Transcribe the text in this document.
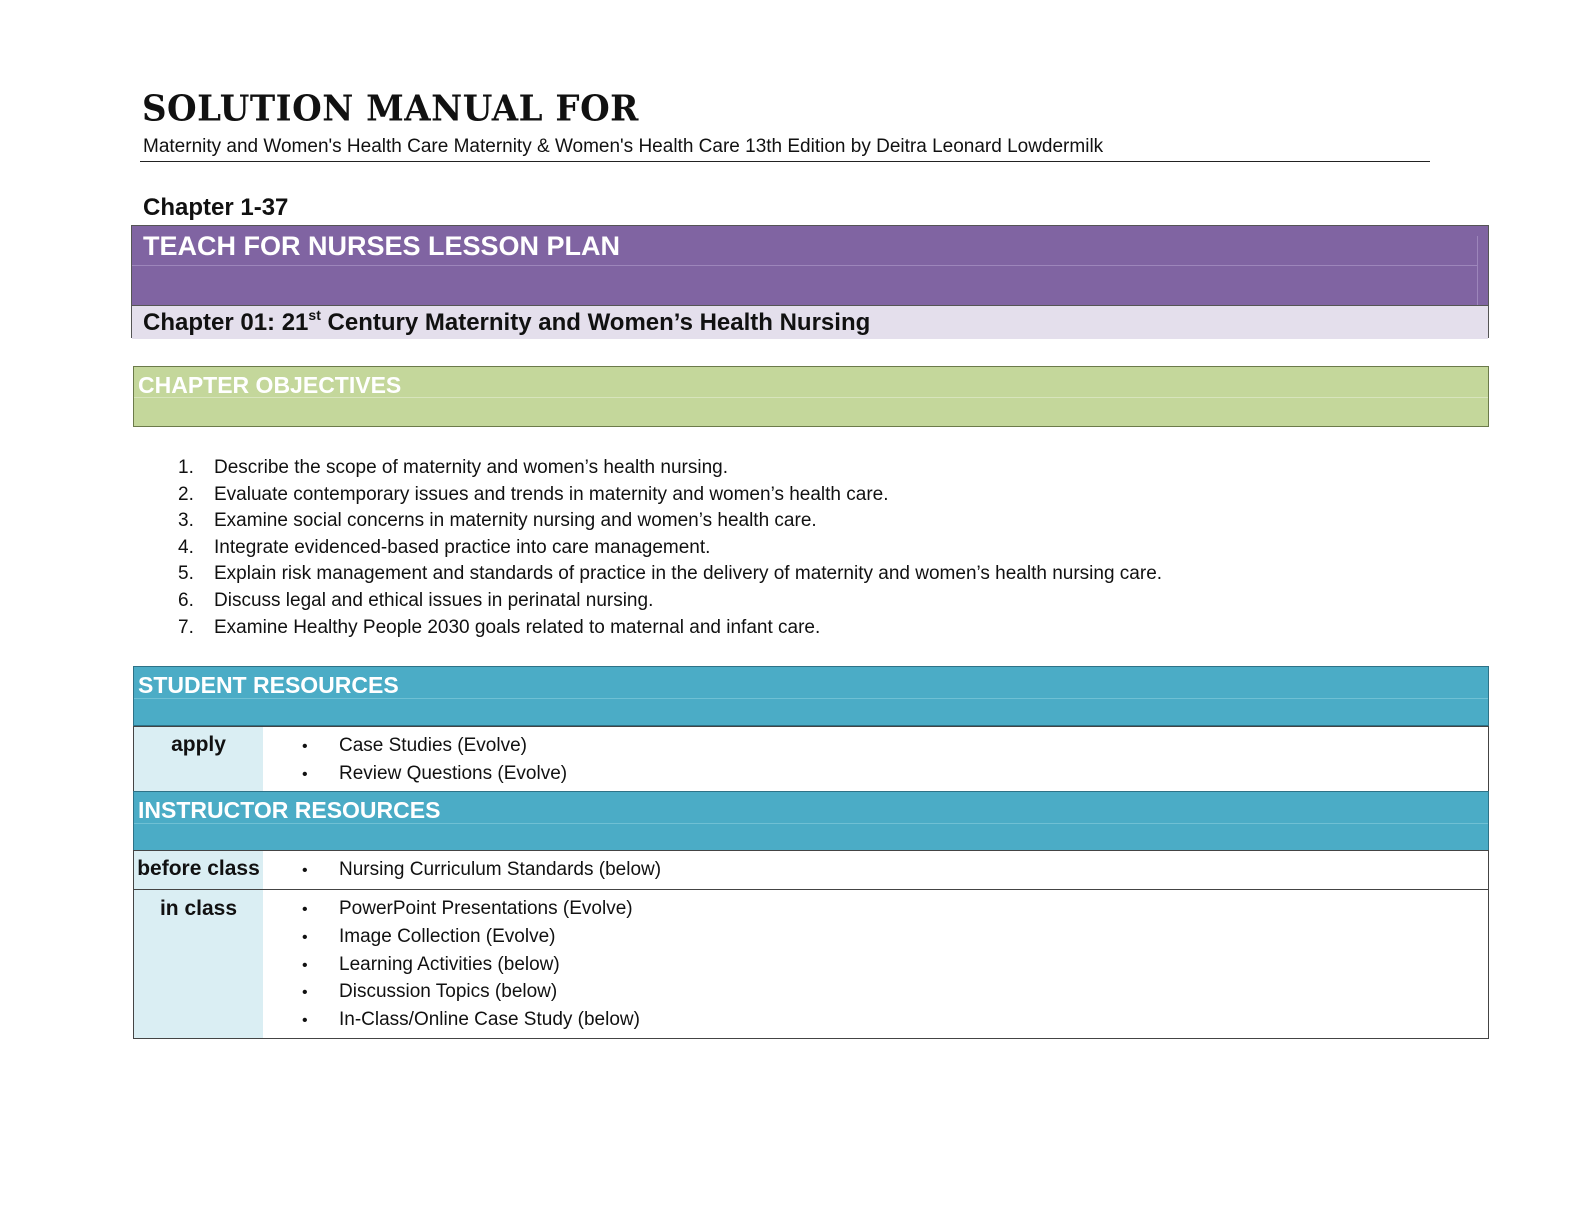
SOLUTION MANUAL FOR
Maternity and Women's Health Care Maternity & Women's Health Care 13th Edition by Deitra Leonard Lowdermilk
Chapter 1-37
TEACH FOR NURSES LESSON PLAN
Chapter 01: 21st Century Maternity and Women’s Health Nursing
CHAPTER OBJECTIVES
1. Describe the scope of maternity and women’s health nursing.
2. Evaluate contemporary issues and trends in maternity and women’s health care.
3. Examine social concerns in maternity nursing and women’s health care.
4. Integrate evidenced-based practice into care management.
5. Explain risk management and standards of practice in the delivery of maternity and women’s health nursing care.
6. Discuss legal and ethical issues in perinatal nursing.
7. Examine Healthy People 2030 goals related to maternal and infant care.
STUDENT RESOURCES
apply	• Case Studies (Evolve)
• Review Questions (Evolve)
INSTRUCTOR RESOURCES
before class	• Nursing Curriculum Standards (below)
in class	• PowerPoint Presentations (Evolve)
• Image Collection (Evolve)
• Learning Activities (below)
• Discussion Topics (below)
• In-Class/Online Case Study (below)
